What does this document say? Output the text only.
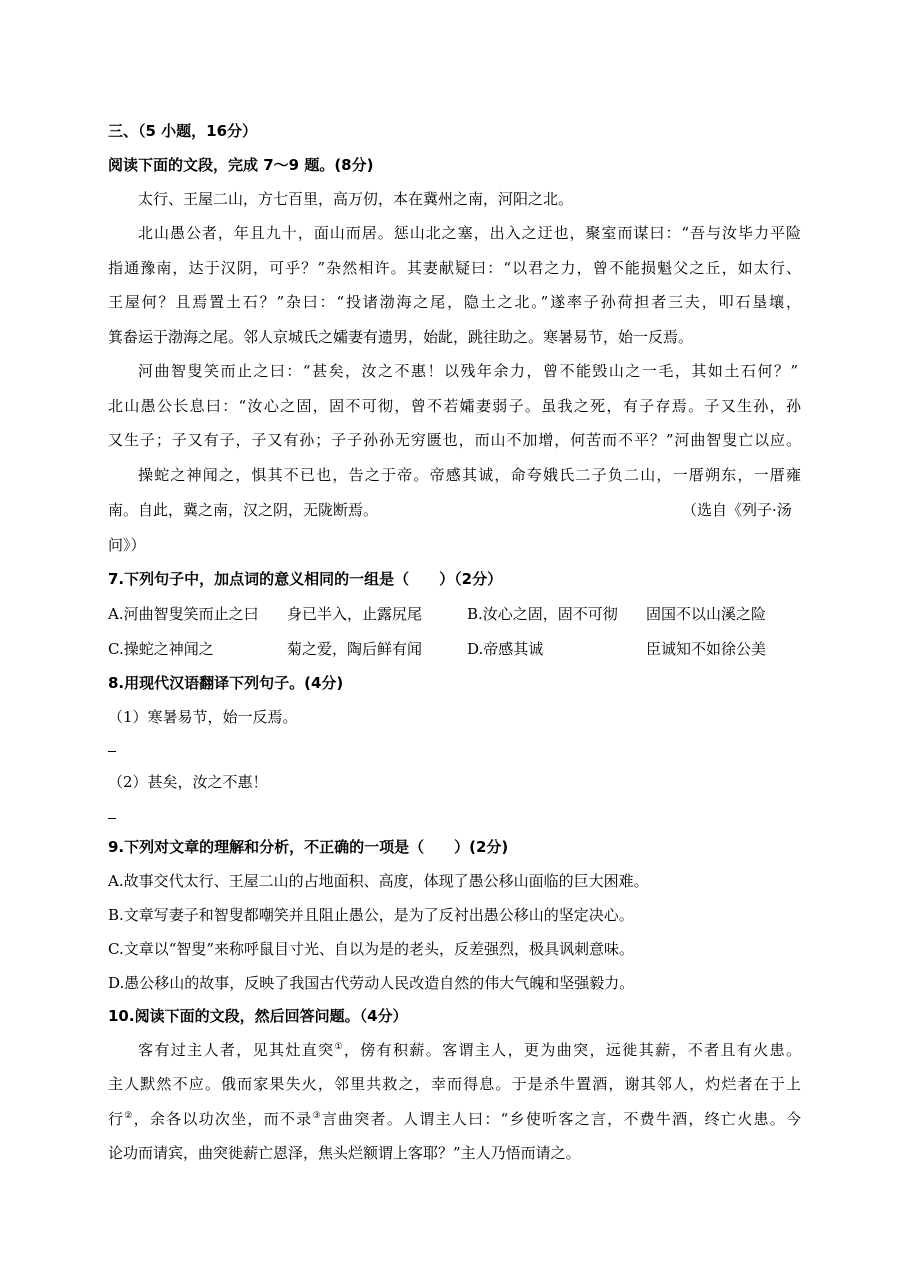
三、（5 小题，16分）
阅读下面的文段，完成 7～9 题。(8分)
太行、王屋二山，方七百里，高万仞，本在冀州之南，河阳之北。
北山愚公者，年且九十，面山而居。惩山北之塞，出入之迂也，聚室而谋曰：“吾与汝毕力平险
指通豫南，达于汉阴，可乎？”杂然相许。其妻献疑曰：“以君之力，曾不能损魁父之丘，如太行、
王屋何？且焉置土石？”杂曰：“投诸渤海之尾，隐土之北。”遂率子孙荷担者三夫，叩石垦壤，
箕畚运于渤海之尾。邻人京城氏之孀妻有遗男，始龀，跳往助之。寒暑易节，始一反焉。
河曲智叟笑而止之曰：“甚矣，汝之不惠！以残年余力，曾不能毁山之一毛，其如土石何？”
北山愚公长息曰：“汝心之固，固不可彻，曾不若孀妻弱子。虽我之死，有子存焉。子又生孙，孙
又生子；子又有子，子又有孙；子子孙孙无穷匮也，而山不加增，何苦而不平？”河曲智叟亡以应。
操蛇之神闻之，惧其不已也，告之于帝。帝感其诚，命夸娥氏二子负二山，一厝朔东，一厝雍
南。自此，冀之南，汉之阴，无陇断焉。	（选自《列子·汤
问》）
7.下列句子中，加点词的意义相同的一组是（　　）（2分）
A.河曲智叟笑而止之曰 身已半入，止露尻尾	B.汝心之固，固不可彻 固国不以山溪之险
C.操蛇之神闻之	菊之爱，陶后鲜有闻	D.帝感其诚	臣诚知不如徐公美
8.用现代汉语翻译下列句子。(4分)
（1）寒暑易节，始一反焉。
（2）甚矣，汝之不惠！
9.下列对文章的理解和分析，不正确的一项是（　　）(2分)
A.故事交代太行、王屋二山的占地面积、高度，体现了愚公移山面临的巨大困难。
B.文章写妻子和智叟都嘲笑并且阻止愚公，是为了反衬出愚公移山的坚定决心。
C.文章以“智叟”来称呼鼠目寸光、自以为是的老头，反差强烈，极具讽刺意味。
D.愚公移山的故事，反映了我国古代劳动人民改造自然的伟大气魄和坚强毅力。
10.阅读下面的文段，然后回答问题。（4分）
客有过主人者，见其灶直突①，傍有积薪。客谓主人，更为曲突，远徙其薪，不者且有火患。
主人默然不应。俄而家果失火，邻里共救之，幸而得息。于是杀牛置酒，谢其邻人，灼烂者在于上
行②，余各以功次坐，而不录③言曲突者。人谓主人曰：“乡使听客之言，不费牛酒，终亡火患。今
论功而请宾，曲突徙薪亡恩泽，焦头烂额谓上客耶？”主人乃悟而请之。
